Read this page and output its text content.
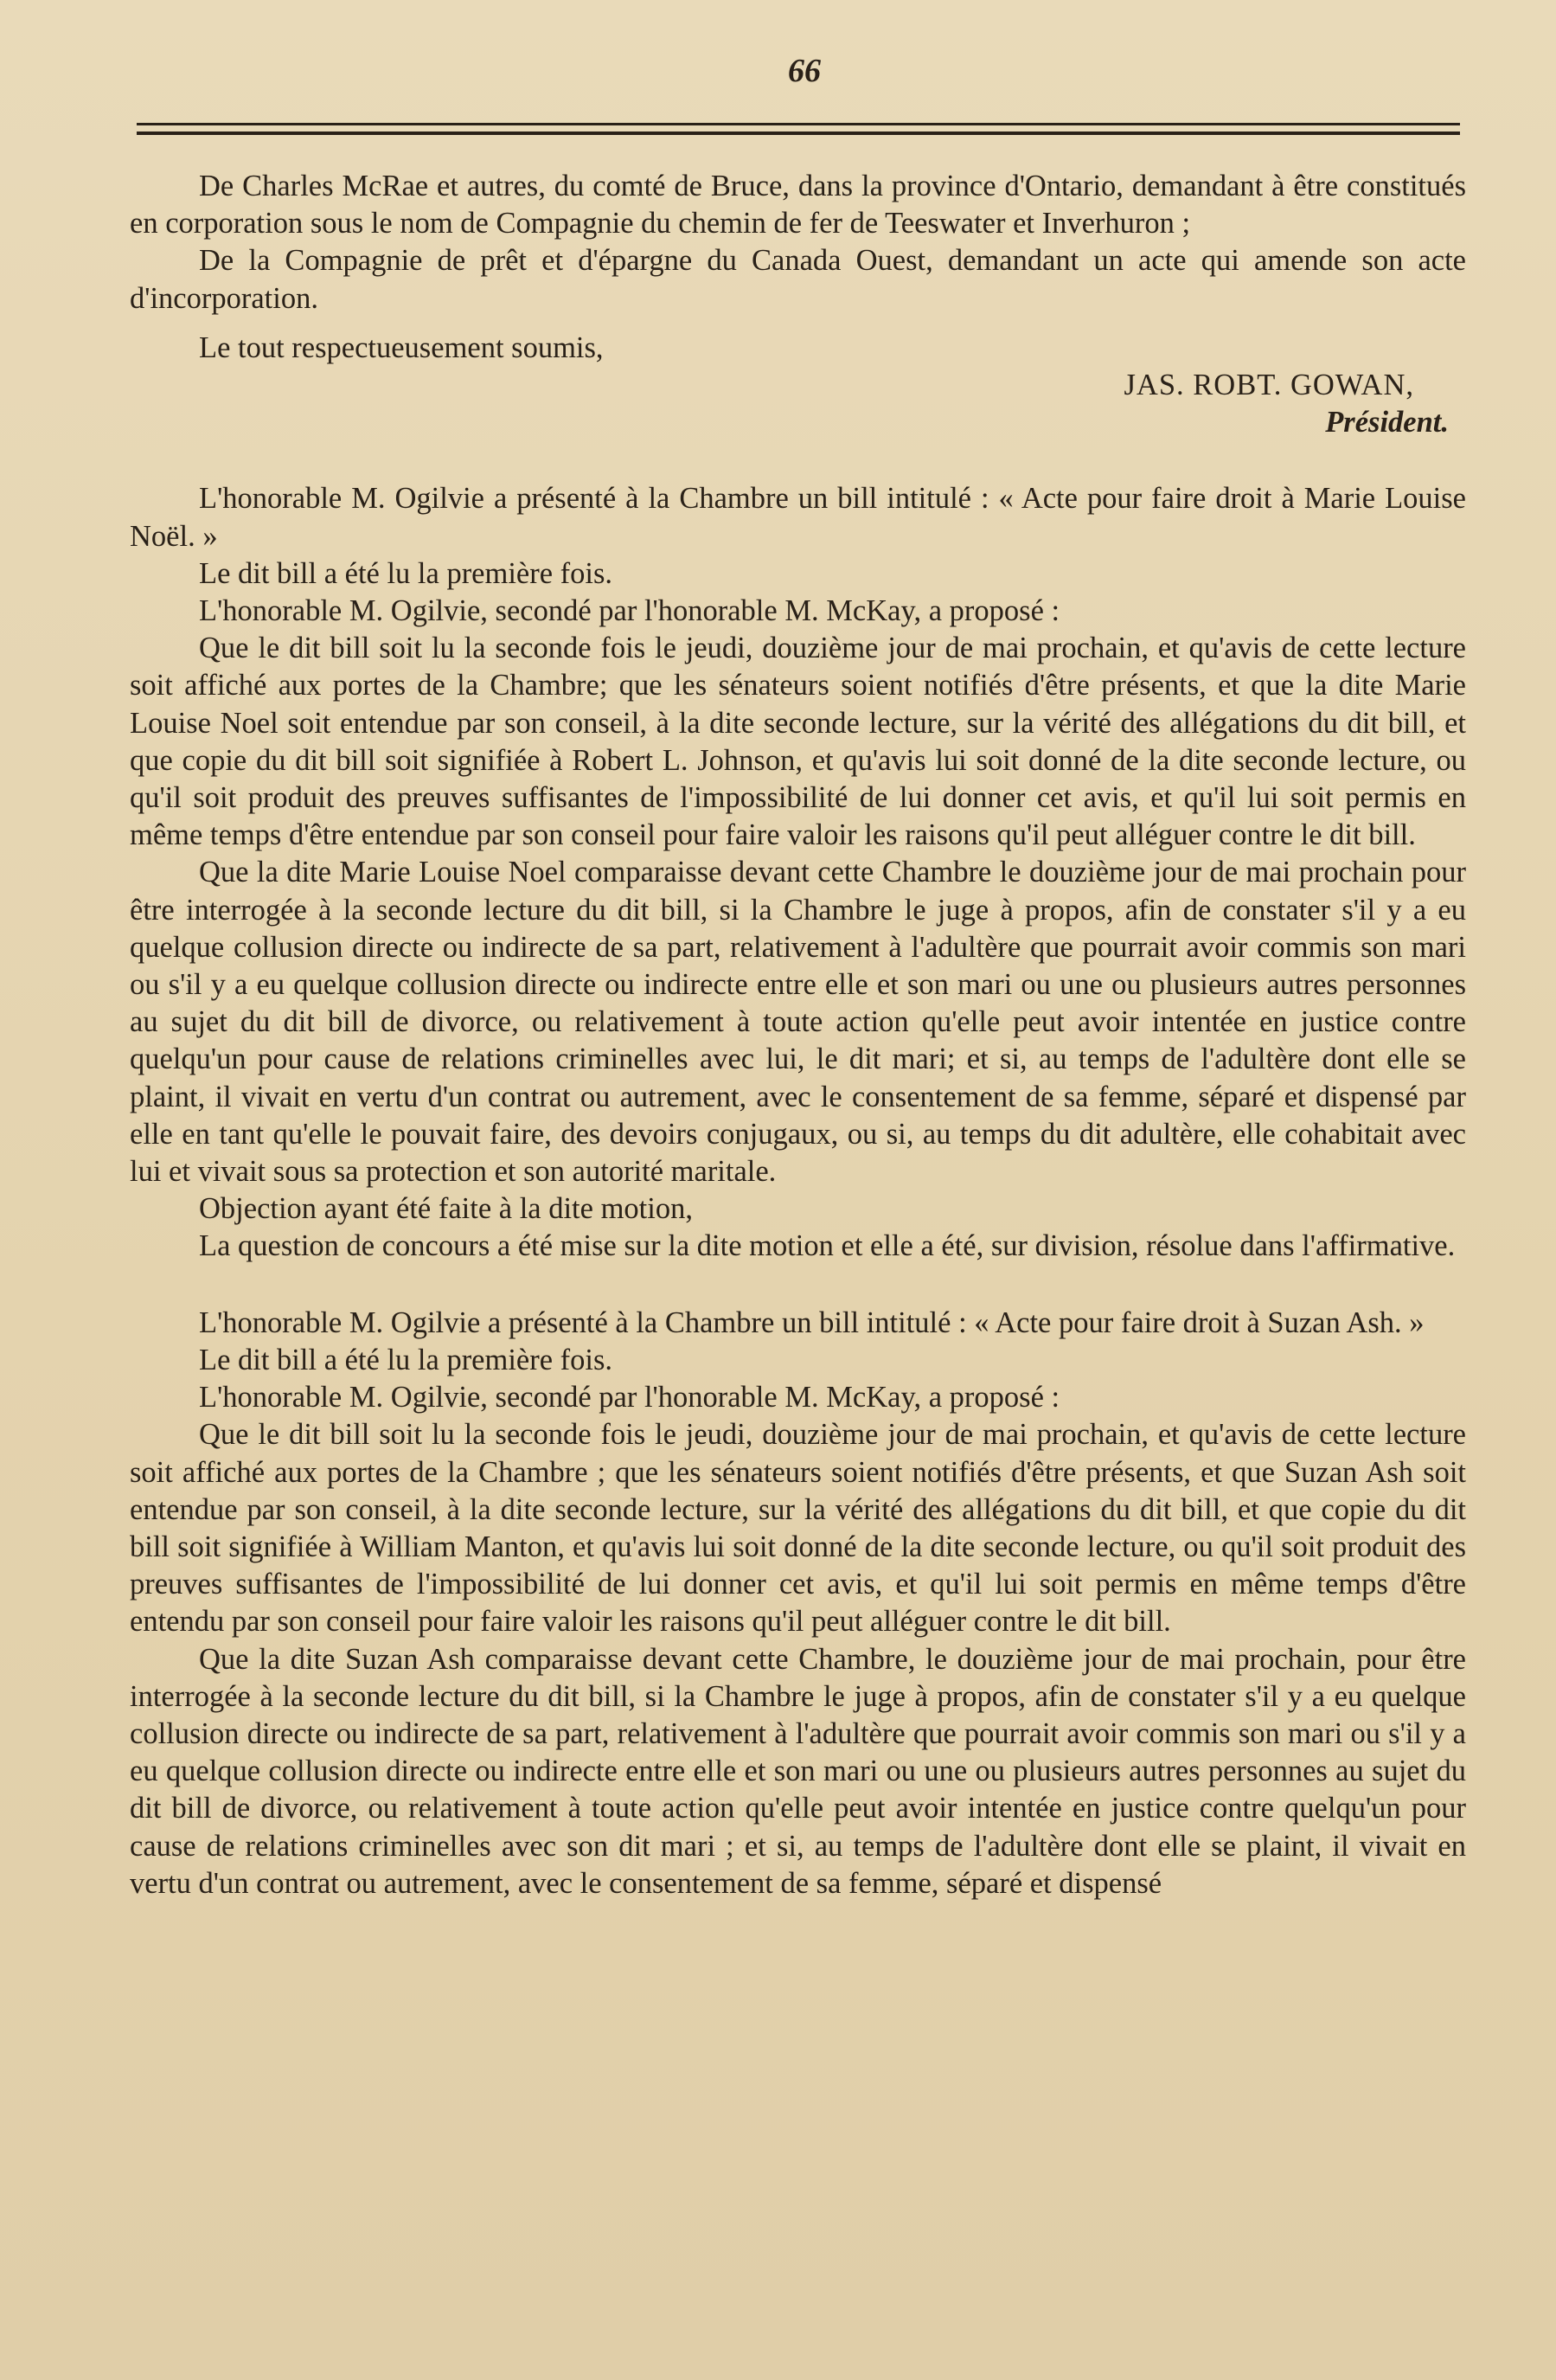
66

De Charles McRae et autres, du comté de Bruce, dans la province d'Ontario, demandant à être constitués en corporation sous le nom de Compagnie du chemin de fer de Teeswater et Inverhuron ;

De la Compagnie de prêt et d'épargne du Canada Ouest, demandant un acte qui amende son acte d'incorporation.

Le tout respectueusement soumis,

JAS. ROBT. GOWAN,

Président.

L'honorable M. Ogilvie a présenté à la Chambre un bill intitulé : « Acte pour faire droit à Marie Louise Noël. »

Le dit bill a été lu la première fois.

L'honorable M. Ogilvie, secondé par l'honorable M. McKay, a proposé :

Que le dit bill soit lu la seconde fois le jeudi, douzième jour de mai prochain, et qu'avis de cette lecture soit affiché aux portes de la Chambre; que les sénateurs soient notifiés d'être présents, et que la dite Marie Louise Noel soit entendue par son conseil, à la dite seconde lecture, sur la vérité des allégations du dit bill, et que copie du dit bill soit signifiée à Robert L. Johnson, et qu'avis lui soit donné de la dite seconde lecture, ou qu'il soit produit des preuves suffisantes de l'impossibilité de lui donner cet avis, et qu'il lui soit permis en même temps d'être entendue par son conseil pour faire valoir les raisons qu'il peut alléguer contre le dit bill.

Que la dite Marie Louise Noel comparaisse devant cette Chambre le douzième jour de mai prochain pour être interrogée à la seconde lecture du dit bill, si la Chambre le juge à propos, afin de constater s'il y a eu quelque collusion directe ou indirecte de sa part, relativement à l'adultère que pourrait avoir commis son mari ou s'il y a eu quelque collusion directe ou indirecte entre elle et son mari ou une ou plusieurs autres personnes au sujet du dit bill de divorce, ou relativement à toute action qu'elle peut avoir intentée en justice contre quelqu'un pour cause de relations criminelles avec lui, le dit mari; et si, au temps de l'adultère dont elle se plaint, il vivait en vertu d'un contrat ou autrement, avec le consentement de sa femme, séparé et dispensé par elle en tant qu'elle le pouvait faire, des devoirs conjugaux, ou si, au temps du dit adultère, elle cohabitait avec lui et vivait sous sa protection et son autorité maritale.

Objection ayant été faite à la dite motion,

La question de concours a été mise sur la dite motion et elle a été, sur division, résolue dans l'affirmative.

L'honorable M. Ogilvie a présenté à la Chambre un bill intitulé : « Acte pour faire droit à Suzan Ash. »

Le dit bill a été lu la première fois.

L'honorable M. Ogilvie, secondé par l'honorable M. McKay, a proposé :

Que le dit bill soit lu la seconde fois le jeudi, douzième jour de mai prochain, et qu'avis de cette lecture soit affiché aux portes de la Chambre ; que les sénateurs soient notifiés d'être présents, et que Suzan Ash soit entendue par son conseil, à la dite seconde lecture, sur la vérité des allégations du dit bill, et que copie du dit bill soit signifiée à William Manton, et qu'avis lui soit donné de la dite seconde lecture, ou qu'il soit produit des preuves suffisantes de l'impossibilité de lui donner cet avis, et qu'il lui soit permis en même temps d'être entendu par son conseil pour faire valoir les raisons qu'il peut alléguer contre le dit bill.

Que la dite Suzan Ash comparaisse devant cette Chambre, le douzième jour de mai prochain, pour être interrogée à la seconde lecture du dit bill, si la Chambre le juge à propos, afin de constater s'il y a eu quelque collusion directe ou indirecte de sa part, relativement à l'adultère que pourrait avoir commis son mari ou s'il y a eu quelque collusion directe ou indirecte entre elle et son mari ou une ou plusieurs autres personnes au sujet du dit bill de divorce, ou relativement à toute action qu'elle peut avoir intentée en justice contre quelqu'un pour cause de relations criminelles avec son dit mari ; et si, au temps de l'adultère dont elle se plaint, il vivait en vertu d'un contrat ou autrement, avec le consentement de sa femme, séparé et dispensé
